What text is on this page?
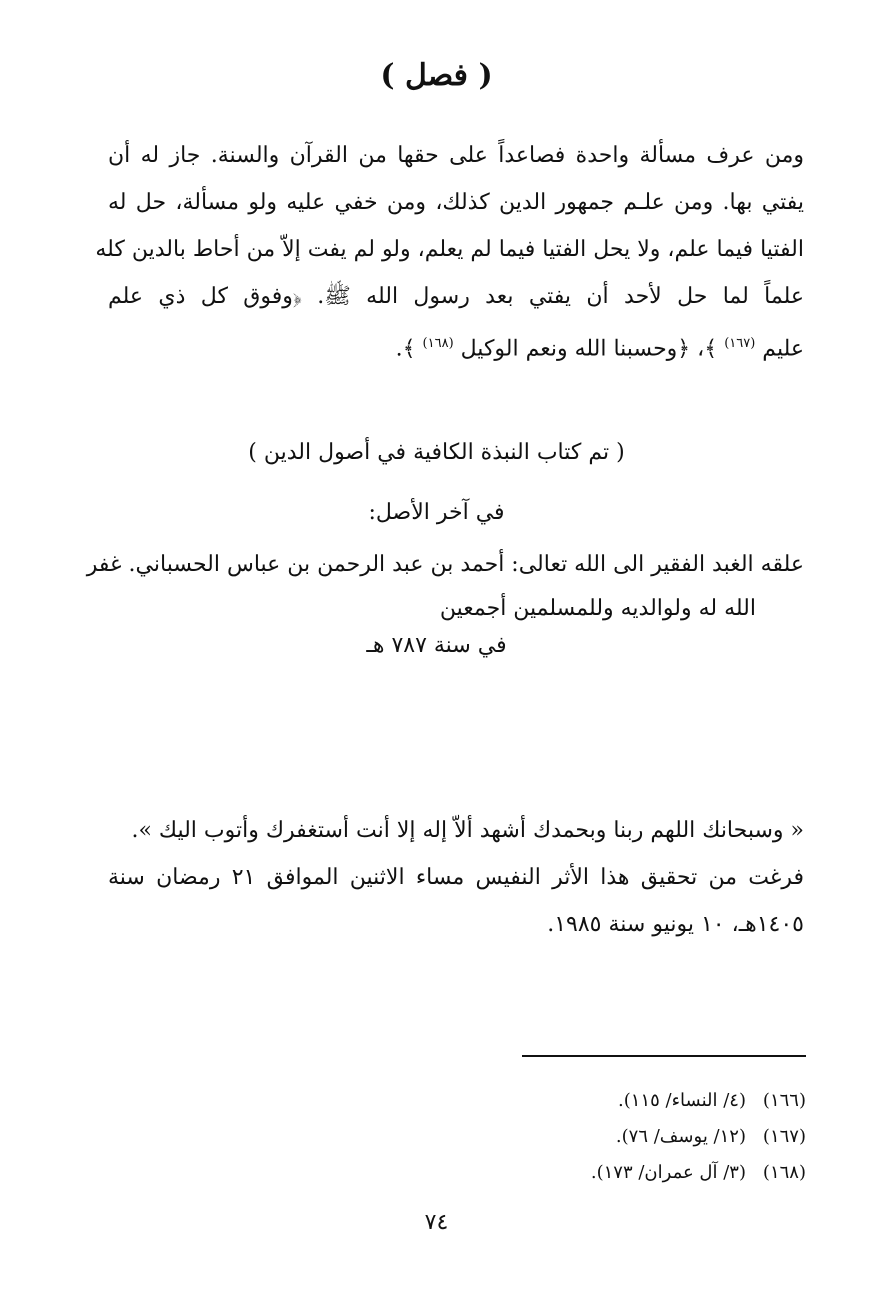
( فصل )
ومن عرف مسألة واحدة فصاعداً على حقها من القرآن والسنة. جاز له أن
يفتي بها. ومن علـم جمهور الدين كذلك، ومن خفي عليه ولو مسألة، حل له
الفتيا فيما علم، ولا يحل الفتيا فيما لم يعلم، ولو لم يفت إلاّ من أحاط بالدين كله
علماً لما حل لأحد أن يفتي بعد رسول الله ﷺ. ﴿وفوق كل ذي علم
عليم $^{(١٦٧)}$ ﴾، ﴿وحسبنا الله ونعم الوكيل $^{(١٦٨)}$ ﴾.
( تم كتاب النبذة الكافية في أصول الدين )
في آخر الأصل:
علقه الغبد الفقير الى الله تعالى: أحمد بن عبد الرحمن بن عباس الحسباني. غفر
الله له ولوالديه وللمسلمين أجمعين
في سنة ٧٨٧ هـ
« وسبحانك اللهم ربنا وبحمدك أشهد ألاّ إله إلا أنت أستغفرك وأتوب اليك ».
فرغت من تحقيق هذا الأثر النفيس مساء الاثنين الموافق ٢١ رمضان سنة
١٤٠٥هـ، ١٠ يونيو سنة ١٩٨٥.
(١٦٦)(٤/ النساء/ ١١٥).
(١٦٧)(١٢/ يوسف/ ٧٦).
(١٦٨)(٣/ آل عمران/ ١٧٣).
٧٤
